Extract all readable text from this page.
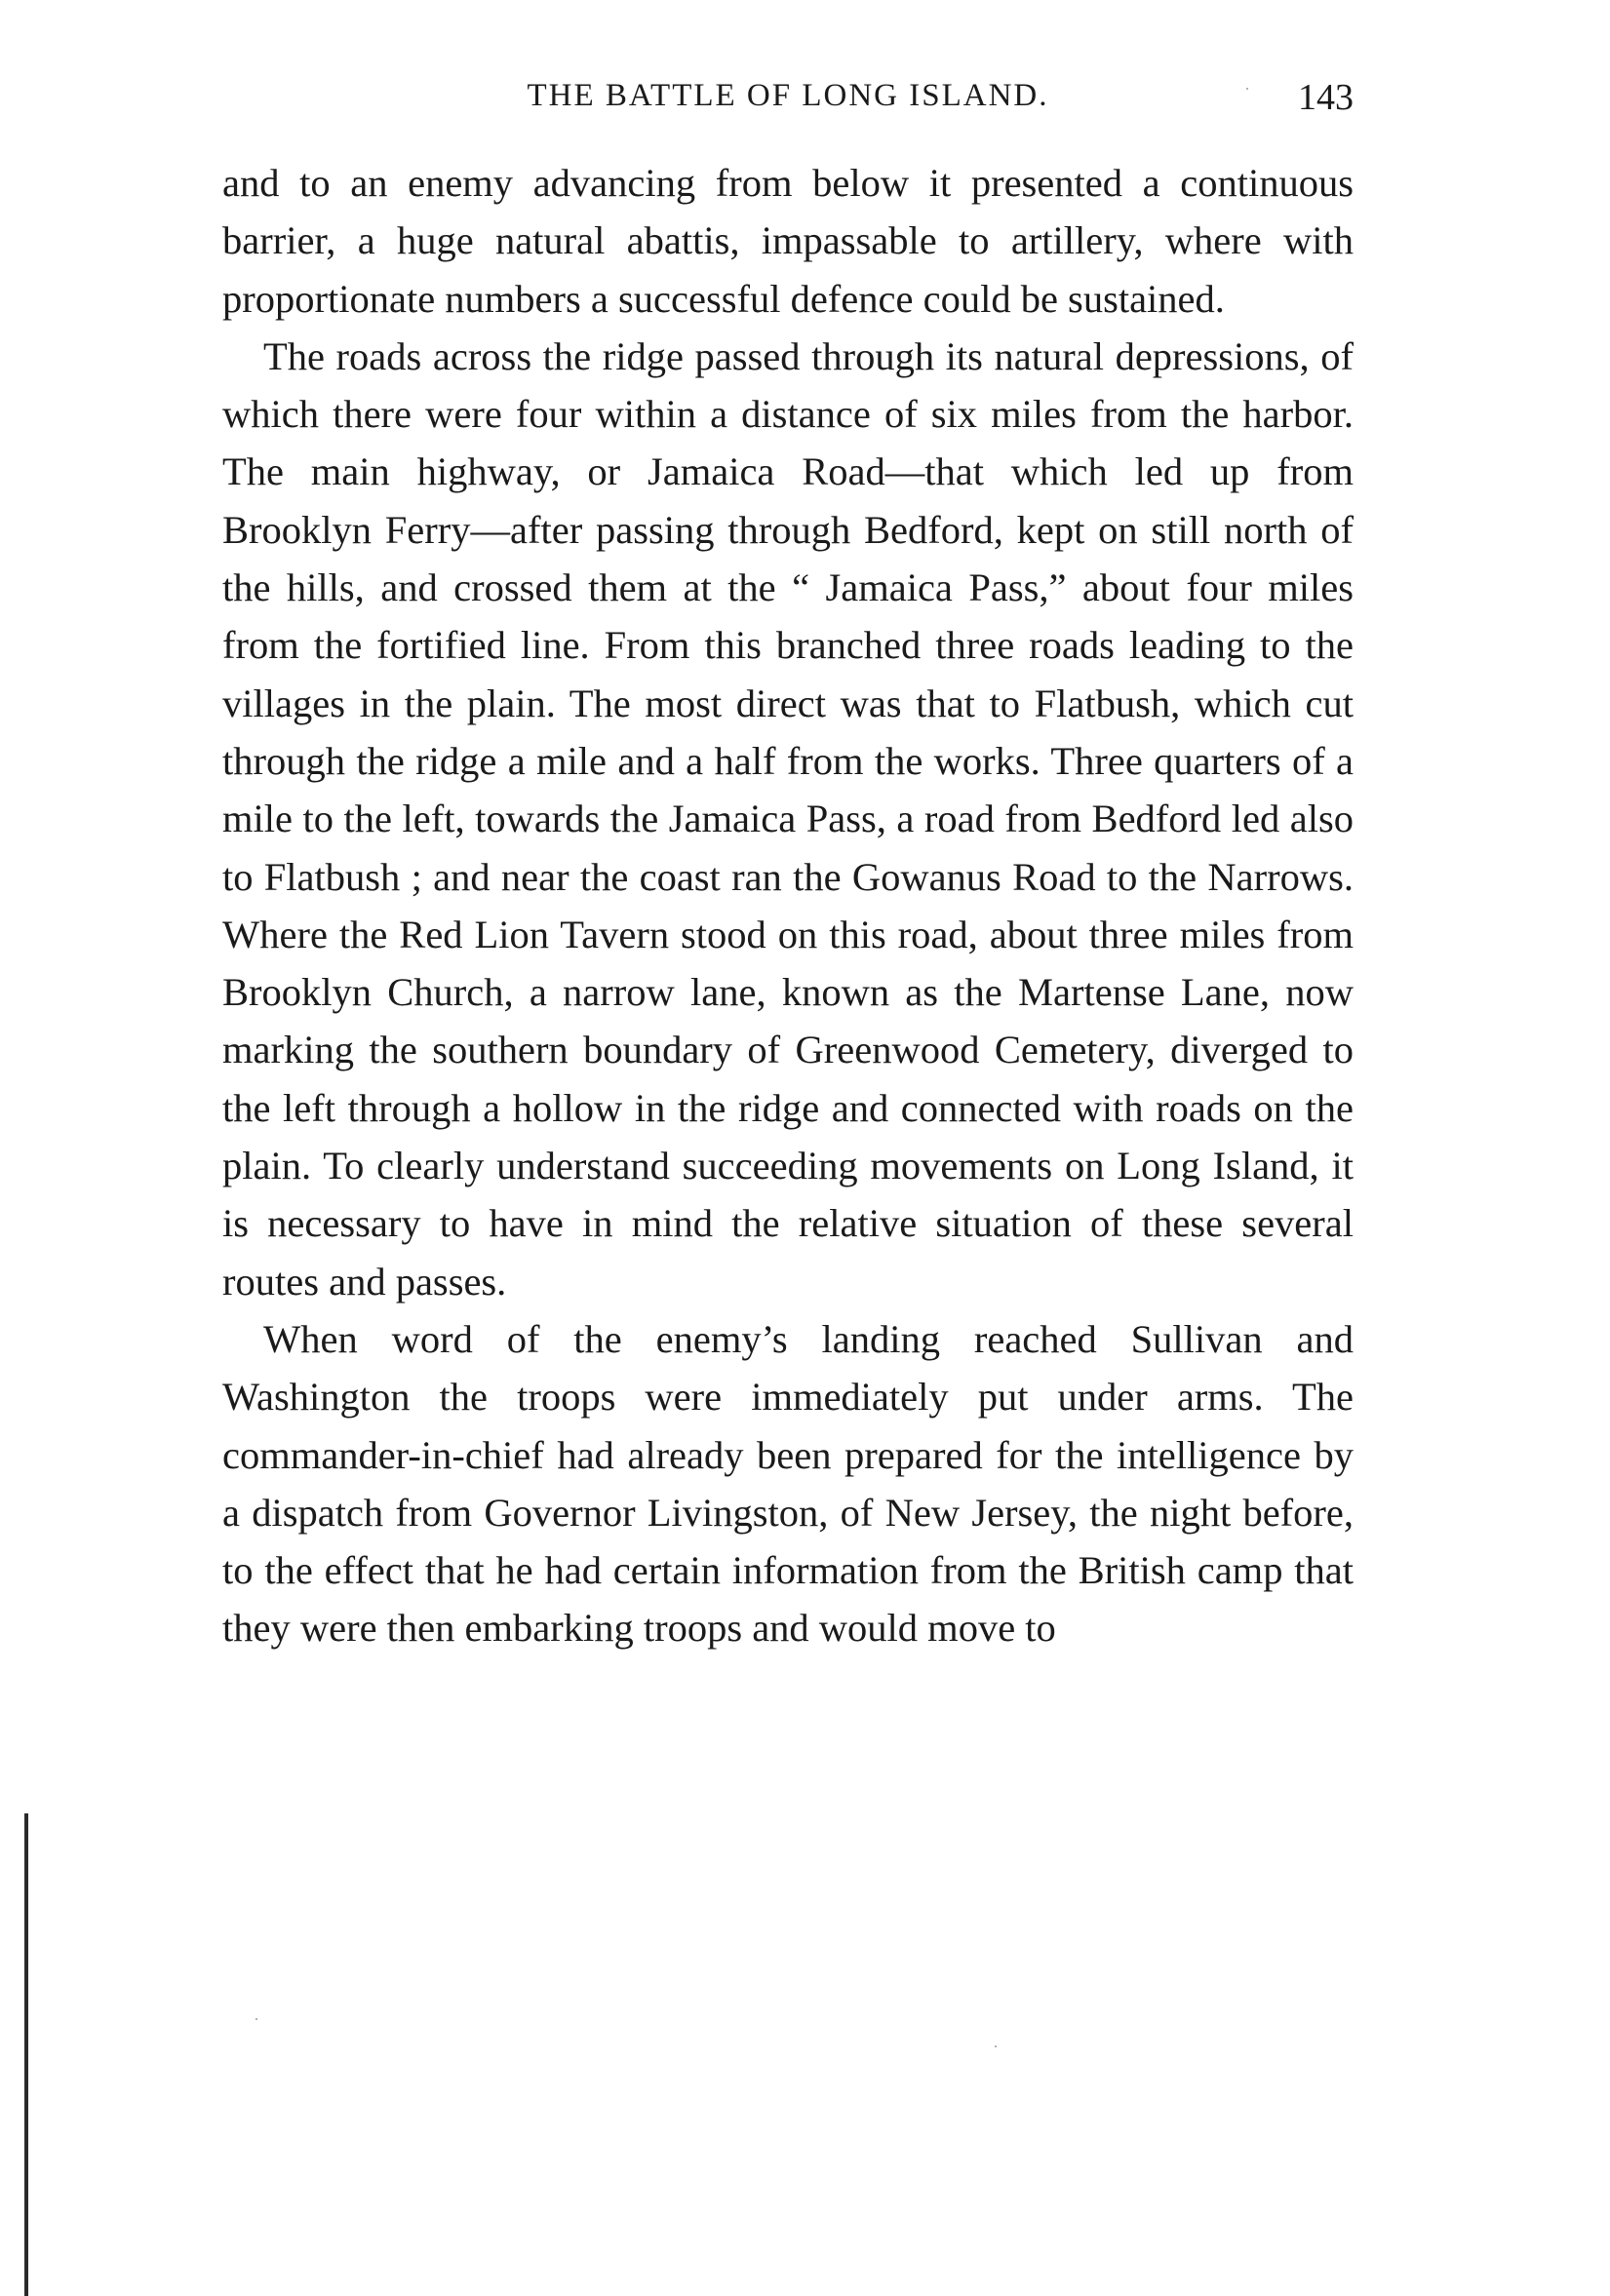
THE BATTLE OF LONG ISLAND.	143

and to an enemy advancing from below it presented a continuous barrier, a huge natural abattis, impassable to artillery, where with proportionate numbers a successful defence could be sustained.

The roads across the ridge passed through its natural depressions, of which there were four within a distance of six miles from the harbor. The main highway, or Jamaica Road—that which led up from Brooklyn Ferry—after passing through Bedford, kept on still north of the hills, and crossed them at the “ Jamaica Pass,” about four miles from the fortified line. From this branched three roads leading to the villages in the plain. The most direct was that to Flatbush, which cut through the ridge a mile and a half from the works. Three quarters of a mile to the left, towards the Jamaica Pass, a road from Bedford led also to Flatbush ; and near the coast ran the Gowanus Road to the Narrows. Where the Red Lion Tavern stood on this road, about three miles from Brooklyn Church, a narrow lane, known as the Martense Lane, now marking the southern boundary of Greenwood Cemetery, diverged to the left through a hollow in the ridge and connected with roads on the plain. To clearly understand succeeding movements on Long Island, it is necessary to have in mind the relative situation of these several routes and passes.

When word of the enemy’s landing reached Sullivan and Washington the troops were immediately put under arms. The commander-in-chief had already been prepared for the intelligence by a dispatch from Governor Livingston, of New Jersey, the night before, to the effect that he had certain information from the British camp that they were then embarking troops and would move to
